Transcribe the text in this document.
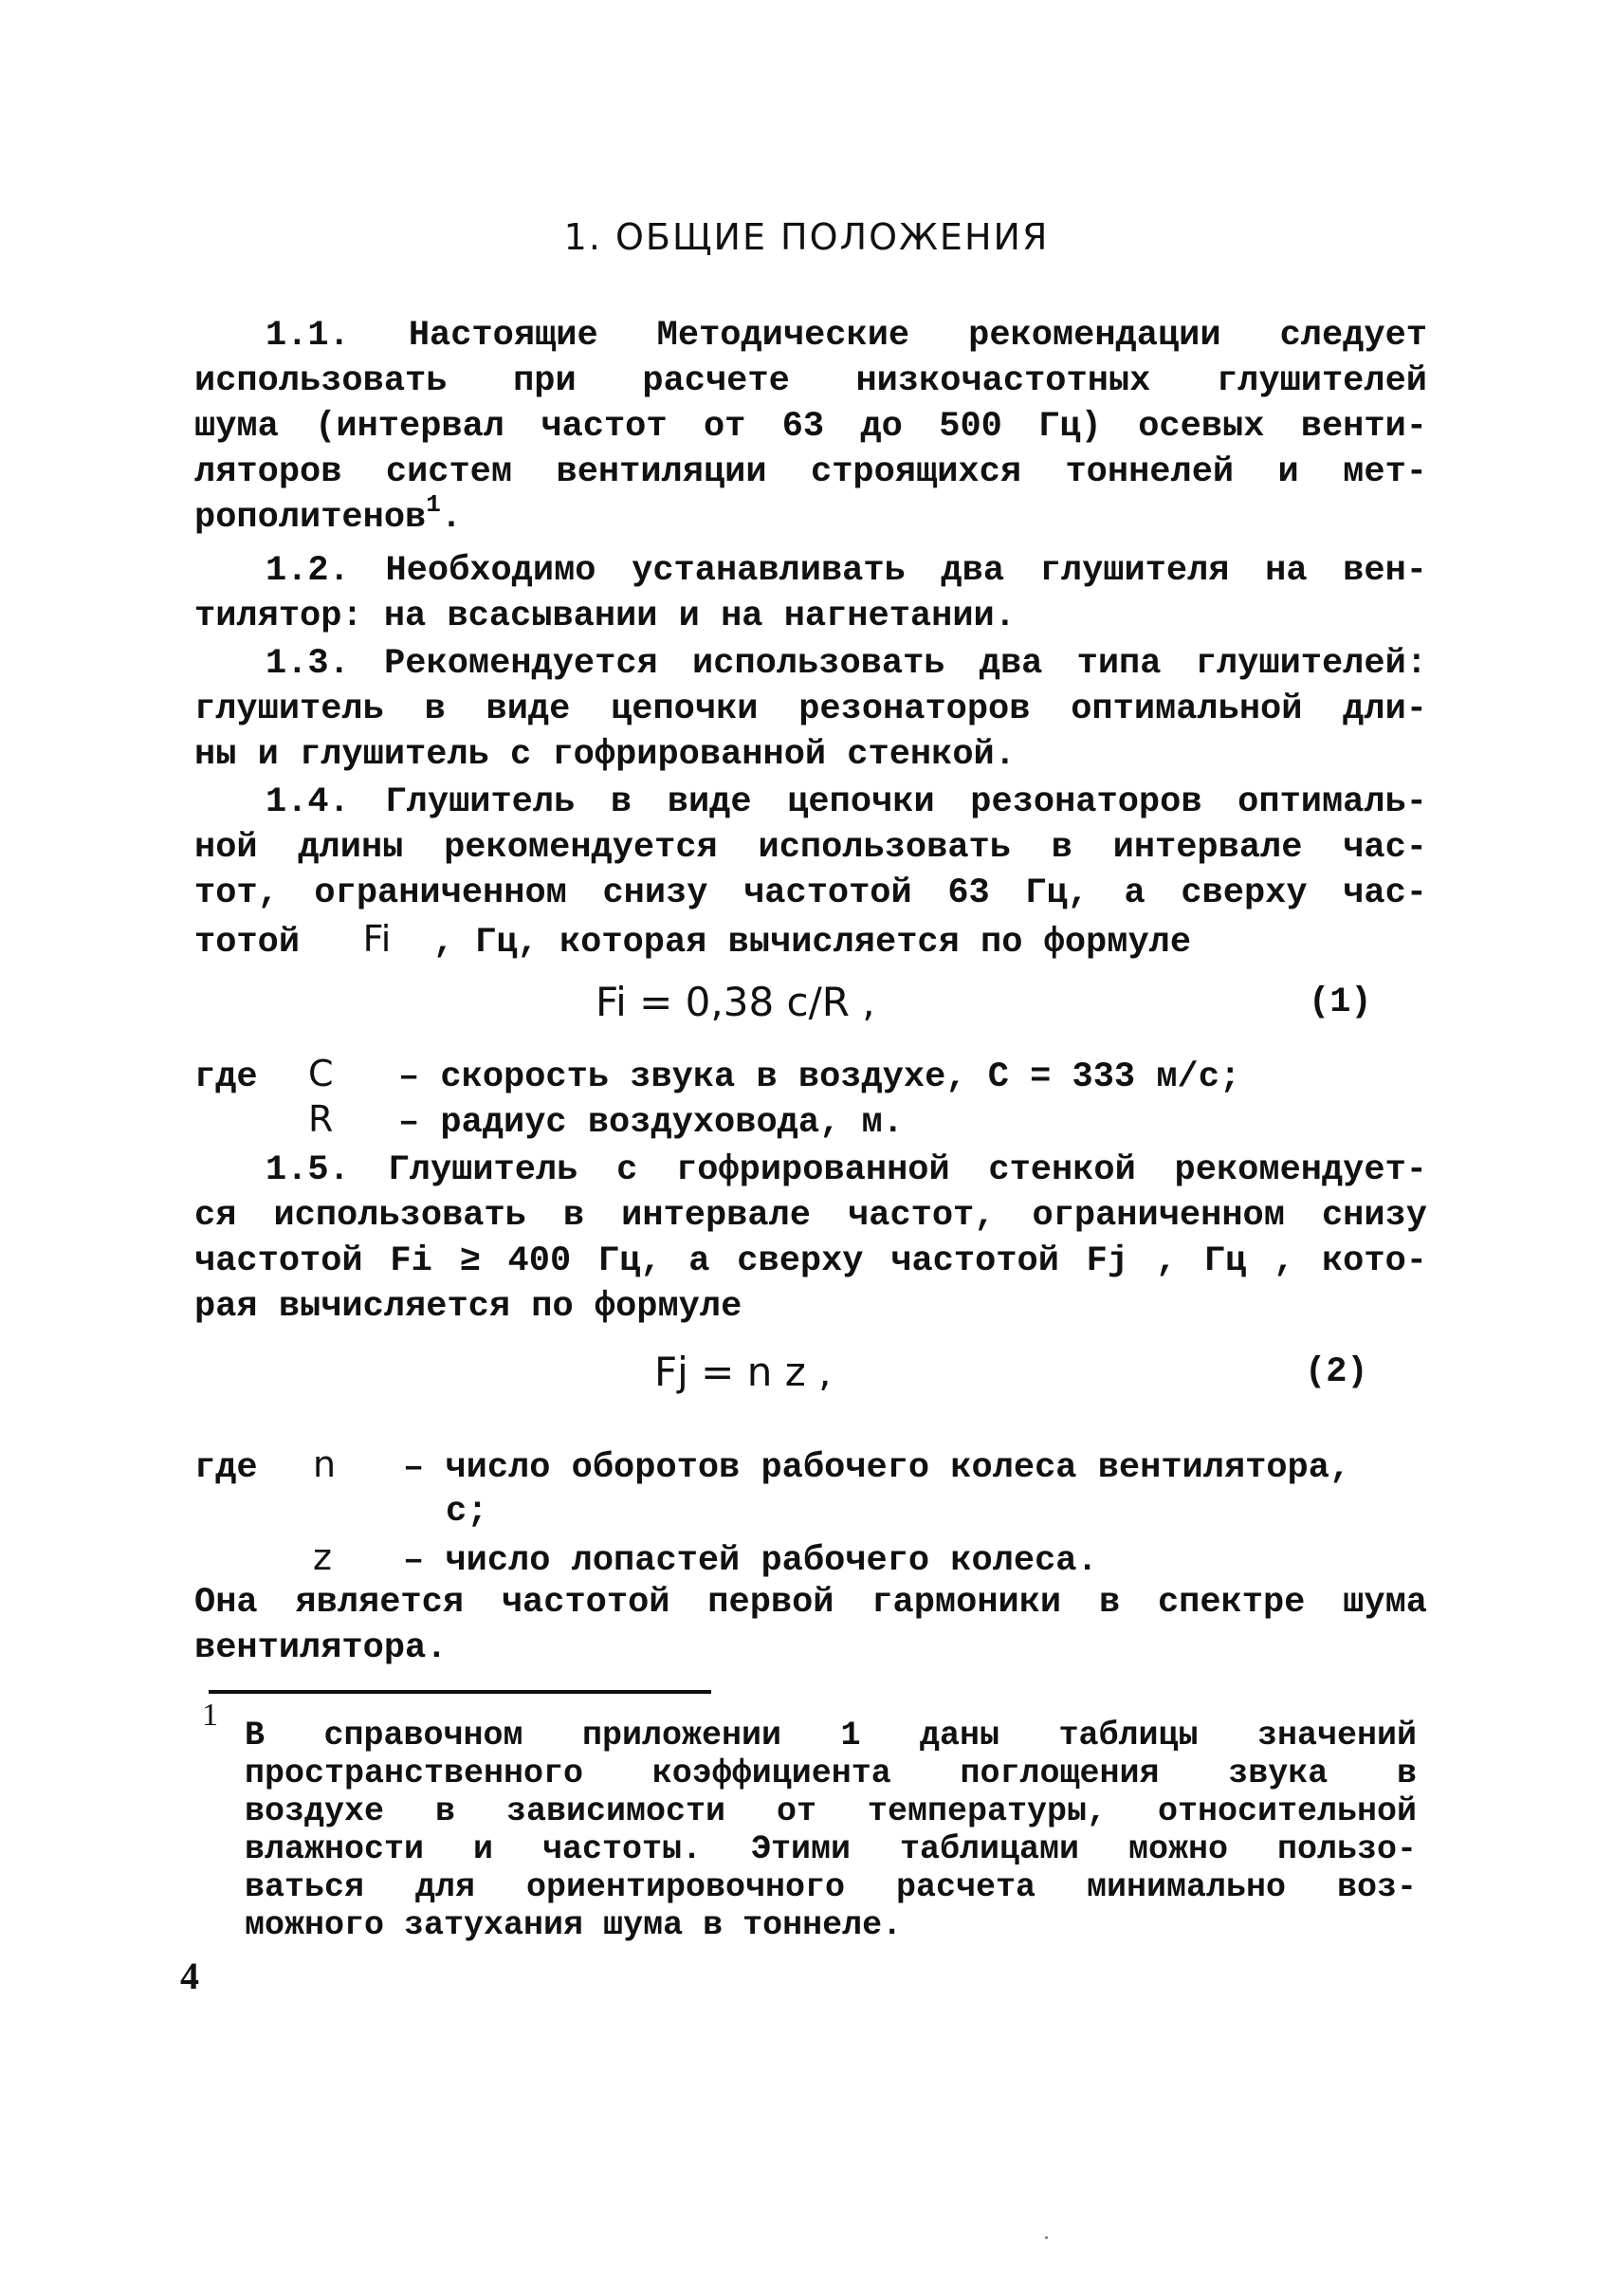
1. ОБЩИЕ ПОЛОЖЕНИЯ
1.1. Настоящие Методические рекомендации следует
использовать при расчете низкочастотных глушителей
шума (интервал частот от 63 до 500 Гц) осевых венти-
ляторов систем вентиляции строящихся тоннелей и мет-
рополитенов$^1$.
1.2. Необходимо устанавливать два глушителя на вен-
тилятор: на всасывании и на нагнетании.
1.3. Рекомендуется использовать два типа глушителей:
глушитель в виде цепочки резонаторов оптимальной дли-
ны и глушитель с гофрированной стенкой.
1.4. Глушитель в виде цепочки резонаторов оптималь-
ной длины рекомендуется использовать в интервале час-
тот, ограниченном снизу частотой 63 Гц, а сверху час-
тотой Fi , Гц, которая вычисляется по формуле
Fi = 0,38 c/R ,	(1)
где C – скорость звука в воздухе, C = 333 м/с;
R – радиус воздуховода, м.
1.5. Глушитель с гофрированной стенкой рекомендует-
ся использовать в интервале частот, ограниченном снизу
частотой Fi ≥ 400 Гц, а сверху частотой Fj , Гц , кото-
рая вычисляется по формуле
Fj = n z ,	(2)
где n – число оборотов рабочего колеса вентилятора,
с;
z – число лопастей рабочего колеса.
Она является частотой первой гармоники в спектре шума
вентилятора.
1
В справочном приложении 1 даны таблицы значений
пространственного коэффициента поглощения звука в
воздухе в зависимости от температуры, относительной
влажности и частоты. Этими таблицами можно пользо-
ваться для ориентировочного расчета минимально воз-
можного затухания шума в тоннеле.
4
